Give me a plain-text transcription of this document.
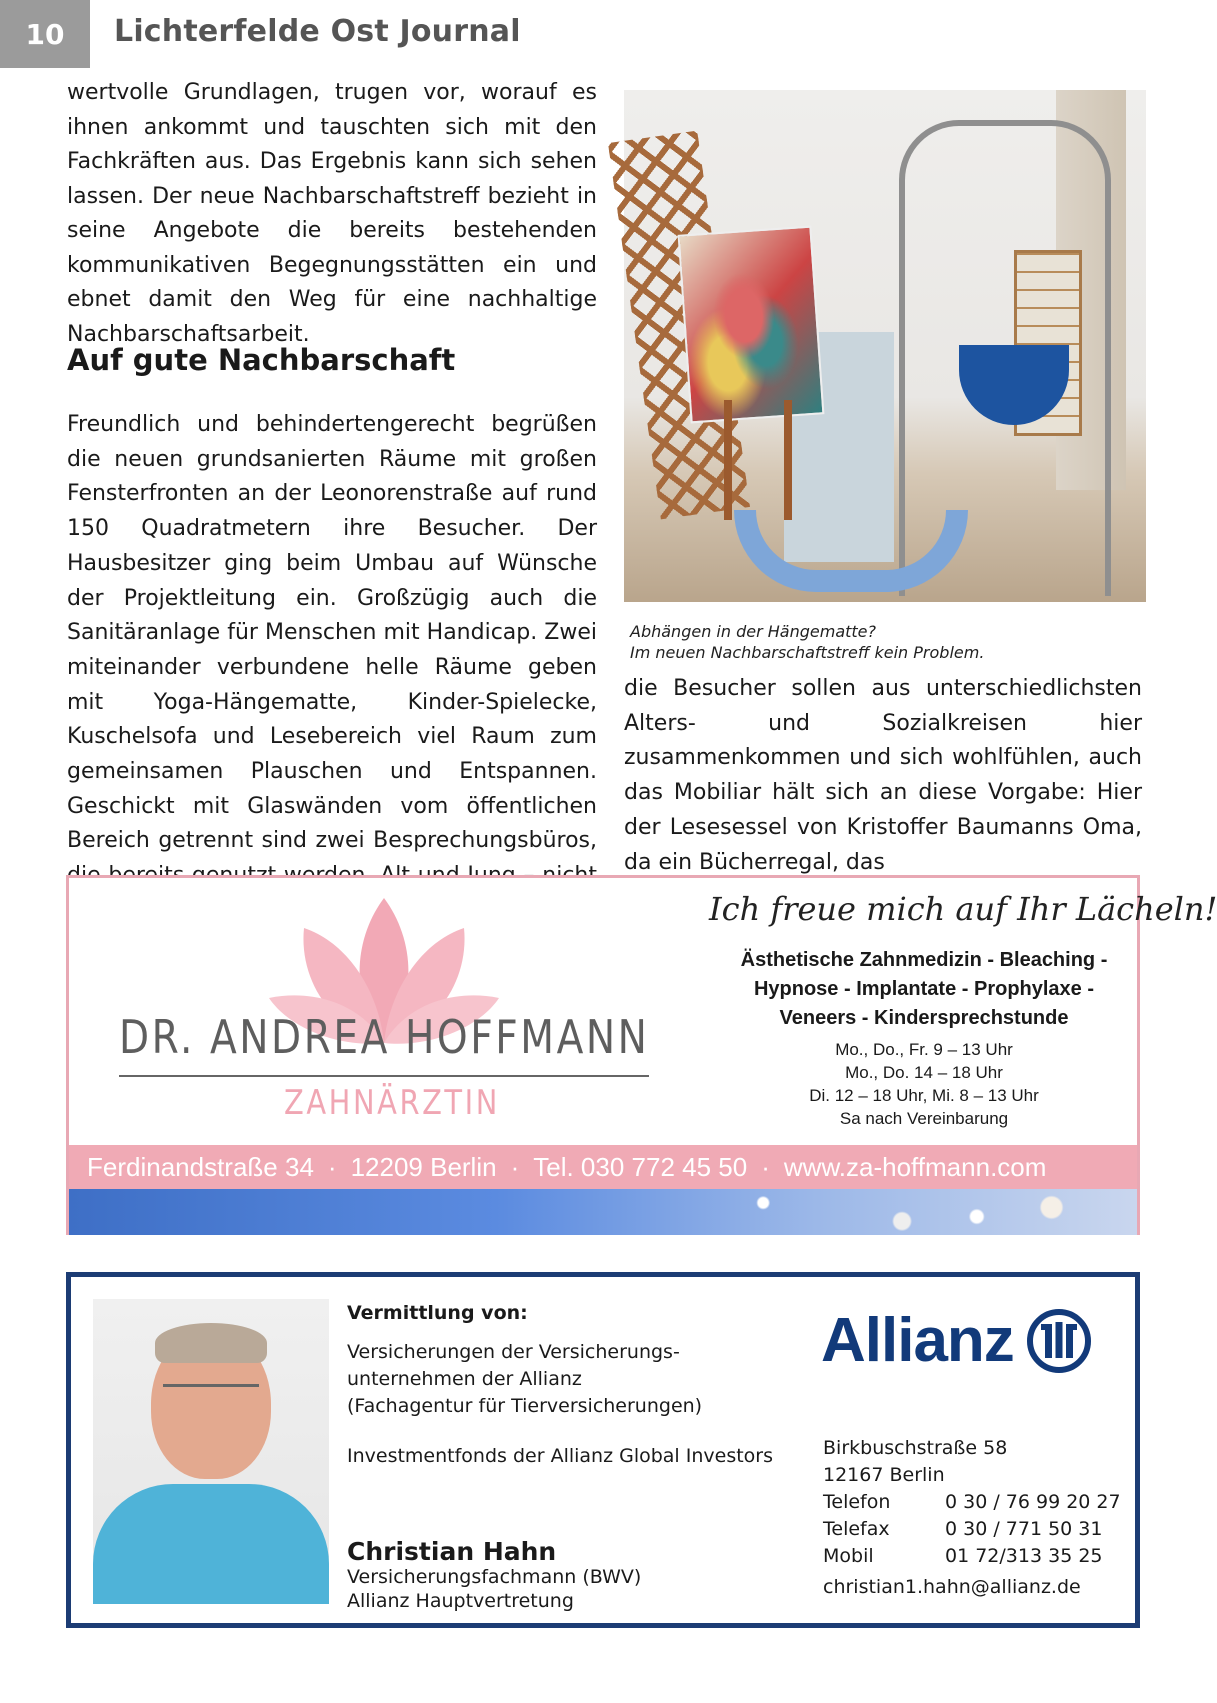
10	Lichterfelde Ost Journal

wertvolle Grundlagen, trugen vor, worauf es ihnen ankommt und tauschten sich mit den Fachkräften aus. Das Ergebnis kann sich sehen lassen. Der neue Nachbarschaftstreff bezieht in seine Angebote die bereits bestehenden kommunikativen Begegnungsstätten ein und ebnet damit den Weg für eine nachhaltige Nachbarschaftsarbeit.

Auf gute Nachbarschaft

Freundlich und behindertengerecht begrüßen die neuen grundsanierten Räume mit großen Fensterfronten an der Leonorenstraße auf rund 150 Quadratmetern ihre Besucher. Der Hausbesitzer ging beim Umbau auf Wünsche der Projektleitung ein. Großzügig auch die Sanitäranlage für Menschen mit Handicap. Zwei miteinander verbundene helle Räume geben mit Yoga-Hängematte, Kinder-Spielecke, Kuschelsofa und Lesebereich viel Raum zum gemeinsamen Plauschen und Entspannen. Geschickt mit Glaswänden vom öffentlichen Bereich getrennt sind zwei Besprechungsbüros,

Abhängen in der Hängematte?
Im neuen Nachbarschaftstreff kein Problem.

die Besucher sollen aus unterschiedlichsten Alters- und Sozialkreisen hier zusammenkommen und sich wohlfühlen, auch das Mobiliar hält sich an diese Vorgabe: Hier der Lesesessel von Kristoffer Baumanns Oma, da ein Bücherregal, das

DR. ANDREA HOFFMANN
ZAHNÄRZTIN
Ich freue mich auf Ihr Lächeln!
Ästhetische Zahnmedizin - Bleaching -
Hypnose - Implantate - Prophylaxe -
Veneers - Kindersprechstunde
Mo., Do., Fr. 9 – 13 Uhr
Mo., Do. 14 – 18 Uhr
Di. 12 – 18 Uhr, Mi. 8 – 13 Uhr
Sa nach Vereinbarung
Ferdinandstraße 34 · 12209 Berlin · Tel. 030 772 45 50 · www.za-hoffmann.com
Vermittlung von:
Versicherungen der Versicherungs-
unternehmen der Allianz
(Fachagentur für Tierversicherungen)
Investmentfonds der Allianz Global Investors
Christian Hahn
Versicherungsfachmann (BWV)
Allianz Hauptvertretung
Allianz
Birkbuschstraße 58
12167 Berlin
Telefon	0 30 / 76 99 20 27
Telefax	0 30 / 771 50 31
Mobil	01 72/313 35 25
christian1.hahn@allianz.de
